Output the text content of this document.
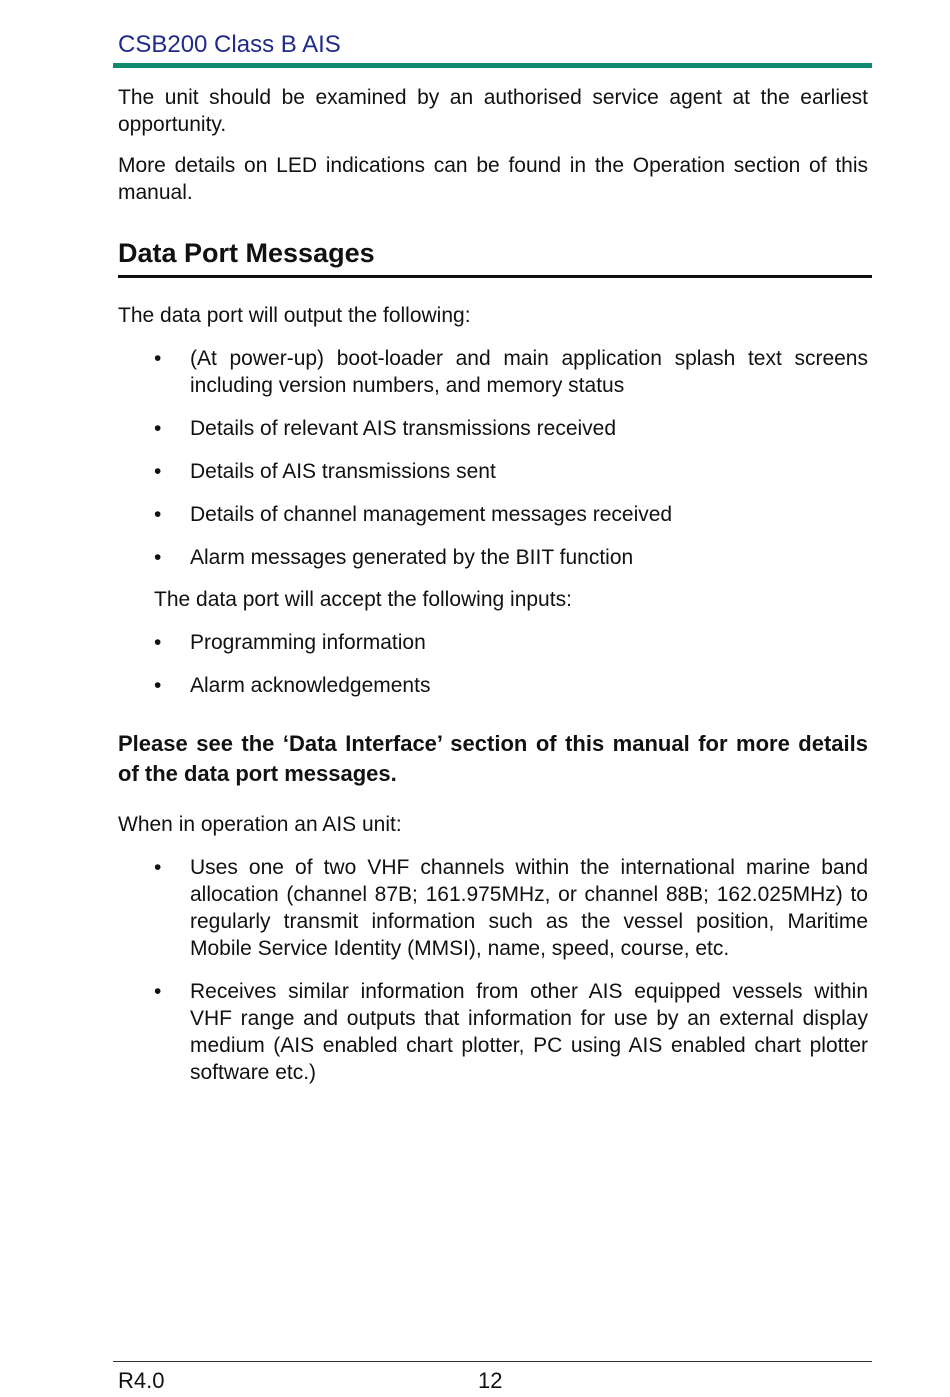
CSB200 Class B AIS

The unit should be examined by an authorised service agent at the earliest opportunity.

More details on LED indications can be found in the Operation section of this manual.

Data Port Messages

The data port will output the following:

• (At power-up) boot-loader and main application splash text screens including version numbers, and memory status
• Details of relevant AIS transmissions received
• Details of AIS transmissions sent
• Details of channel management messages received
• Alarm messages generated by the BIIT function

The data port will accept the following inputs:

• Programming information
• Alarm acknowledgements

Please see the ‘Data Interface’ section of this manual for more details of the data port messages.

When in operation an AIS unit:

• Uses one of two VHF channels within the international marine band allocation (channel 87B; 161.975MHz, or channel 88B; 162.025MHz) to regularly transmit information such as the vessel position, Maritime Mobile Service Identity (MMSI), name, speed, course, etc.
• Receives similar information from other AIS equipped vessels within VHF range and outputs that information for use by an external display medium (AIS enabled chart plotter, PC using AIS enabled chart plotter software etc.)
R4.0	12
